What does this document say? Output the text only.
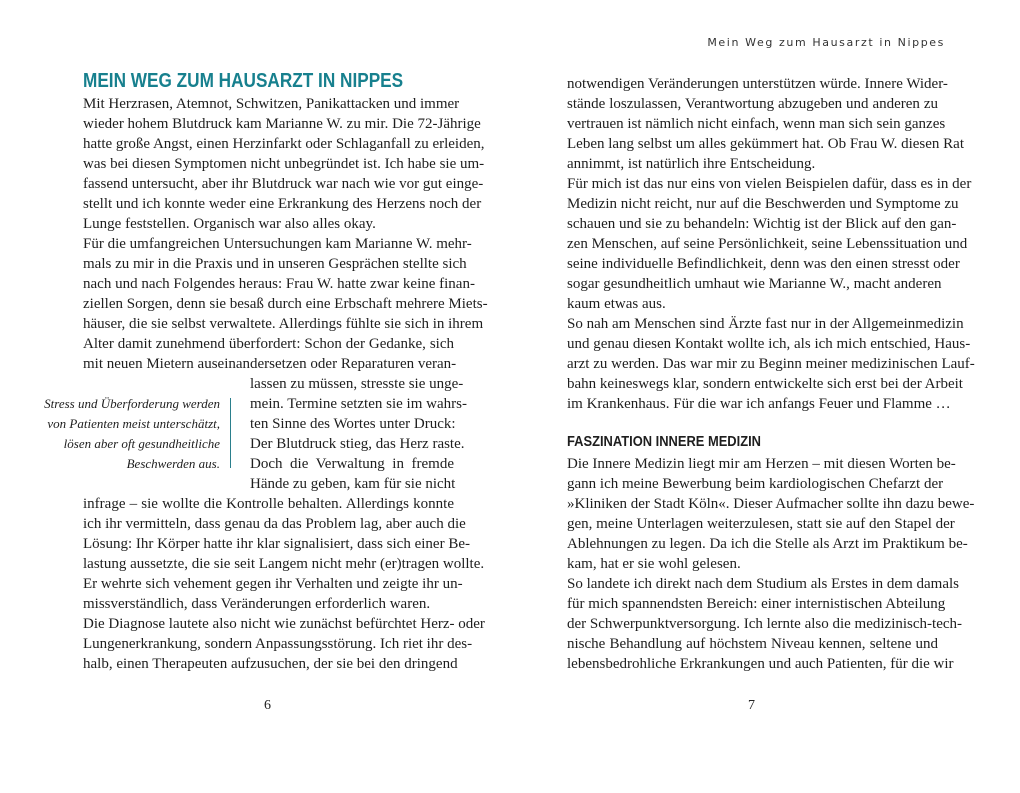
MEIN WEG ZUM HAUSARZT IN NIPPES
Mit Herzrasen, Atemnot, Schwitzen, Panikattacken und immer
wieder hohem Blutdruck kam Marianne W. zu mir. Die 72-Jährige
hatte große Angst, einen Herzinfarkt oder Schlaganfall zu erleiden,
was bei diesen Symptomen nicht unbegründet ist. Ich habe sie um-
fassend untersucht, aber ihr Blutdruck war nach wie vor gut einge-
stellt und ich konnte weder eine Erkrankung des Herzens noch der
Lunge feststellen. Organisch war also alles okay.
Für die umfangreichen Untersuchungen kam Marianne W. mehr-
mals zu mir in die Praxis und in unseren Gesprächen stellte sich
nach und nach Folgendes heraus: Frau W. hatte zwar keine finan-
ziellen Sorgen, denn sie besaß durch eine Erbschaft mehrere Miets-
häuser, die sie selbst verwaltete. Allerdings fühlte sie sich in ihrem
Alter damit zunehmend überfordert: Schon der Gedanke, sich
mit neuen Mietern auseinandersetzen oder Reparaturen veran-
lassen zu müssen, stresste sie unge-
mein. Termine setzten sie im wahrs-
ten Sinne des Wortes unter Druck:
Der Blutdruck stieg, das Herz raste.
Doch die Verwaltung in fremde
Hände zu geben, kam für sie nicht
infrage – sie wollte die Kontrolle behalten. Allerdings konnte
ich ihr vermitteln, dass genau da das Problem lag, aber auch die
Lösung: Ihr Körper hatte ihr klar signalisiert, dass sich einer Be-
lastung aussetzte, die sie seit Langem nicht mehr (er)tragen wollte.
Er wehrte sich vehement gegen ihr Verhalten und zeigte ihr un-
missverständlich, dass Veränderungen erforderlich waren.
Die Diagnose lautete also nicht wie zunächst befürchtet Herz- oder
Lungenerkrankung, sondern Anpassungsstörung. Ich riet ihr des-
halb, einen Therapeuten aufzusuchen, der sie bei den dringend
Stress und Überforderung werden
von Patienten meist unterschätzt,
lösen aber oft gesundheitliche
Beschwerden aus.
6
Mein Weg zum Hausarzt in Nippes
notwendigen Veränderungen unterstützen würde. Innere Wider-
stände loszulassen, Verantwortung abzugeben und anderen zu
vertrauen ist nämlich nicht einfach, wenn man sich sein ganzes
Leben lang selbst um alles gekümmert hat. Ob Frau W. diesen Rat
annimmt, ist natürlich ihre Entscheidung.
Für mich ist das nur eins von vielen Beispielen dafür, dass es in der
Medizin nicht reicht, nur auf die Beschwerden und Symptome zu
schauen und sie zu behandeln: Wichtig ist der Blick auf den gan-
zen Menschen, auf seine Persönlichkeit, seine Lebenssituation und
seine individuelle Befindlichkeit, denn was den einen stresst oder
sogar gesundheitlich umhaut wie Marianne W., macht anderen
kaum etwas aus.
So nah am Menschen sind Ärzte fast nur in der Allgemeinmedizin
und genau diesen Kontakt wollte ich, als ich mich entschied, Haus-
arzt zu werden. Das war mir zu Beginn meiner medizinischen Lauf-
bahn keineswegs klar, sondern entwickelte sich erst bei der Arbeit
im Krankenhaus. Für die war ich anfangs Feuer und Flamme …
Die Innere Medizin liegt mir am Herzen – mit diesen Worten be-
gann ich meine Bewerbung beim kardiologischen Chefarzt der
»Kliniken der Stadt Köln«. Dieser Aufmacher sollte ihn dazu bewe-
gen, meine Unterlagen weiterzulesen, statt sie auf den Stapel der
Ablehnungen zu legen. Da ich die Stelle als Arzt im Praktikum be-
kam, hat er sie wohl gelesen.
So landete ich direkt nach dem Studium als Erstes in dem damals
für mich spannendsten Bereich: einer internistischen Abteilung
der Schwerpunktversorgung. Ich lernte also die medizinisch-tech-
nische Behandlung auf höchstem Niveau kennen, seltene und
lebensbedrohliche Erkrankungen und auch Patienten, für die wir
7
FASZINATION INNERE MEDIZIN
